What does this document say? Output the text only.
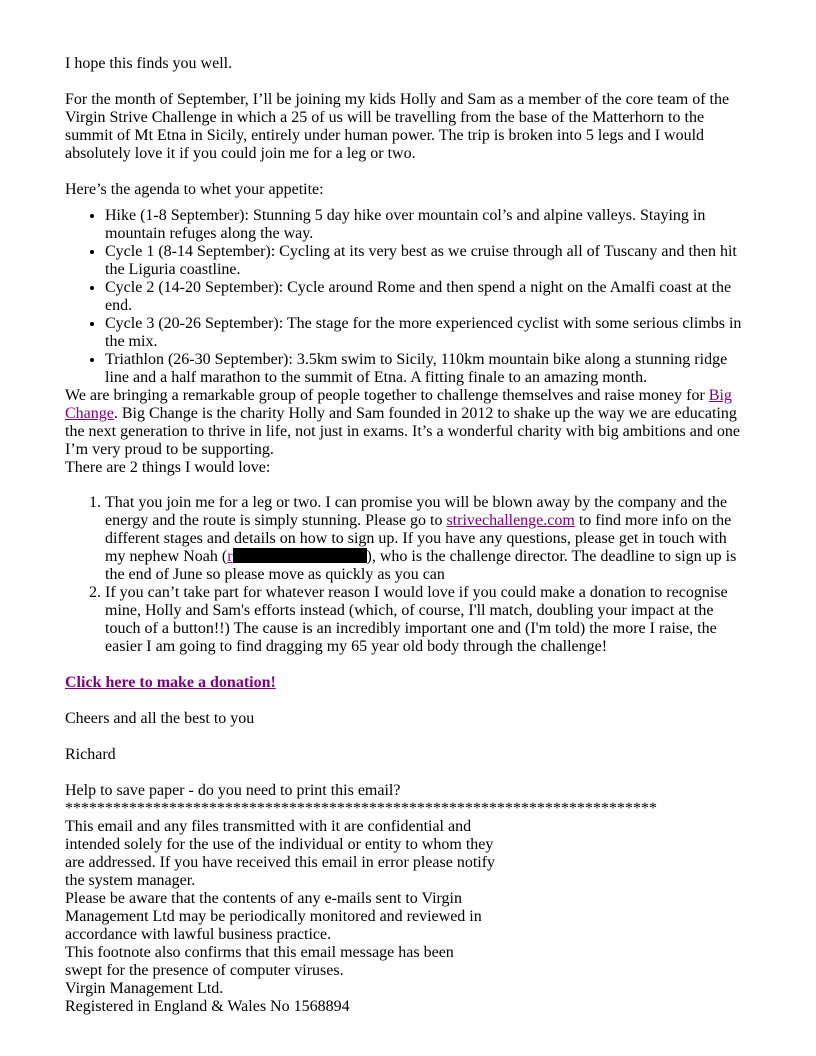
I hope this finds you well.

For the month of September, I’ll be joining my kids Holly and Sam as a member of the core team of the Virgin Strive Challenge in which a 25 of us will be travelling from the base of the Matterhorn to the summit of Mt Etna in Sicily, entirely under human power. The trip is broken into 5 legs and I would absolutely love it if you could join me for a leg or two.

Here’s the agenda to whet your appetite:

• Hike (1-8 September): Stunning 5 day hike over mountain col’s and alpine valleys. Staying in mountain refuges along the way.
• Cycle 1 (8-14 September): Cycling at its very best as we cruise through all of Tuscany and then hit the Liguria coastline.
• Cycle 2 (14-20 September): Cycle around Rome and then spend a night on the Amalfi coast at the end.
• Cycle 3 (20-26 September): The stage for the more experienced cyclist with some serious climbs in the mix.
• Triathlon (26-30 September): 3.5km swim to Sicily, 110km mountain bike along a stunning ridge line and a half marathon to the summit of Etna. A fitting finale to an amazing month.

We are bringing a remarkable group of people together to challenge themselves and raise money for Big Change. Big Change is the charity Holly and Sam founded in 2012 to shake up the way we are educating the next generation to thrive in life, not just in exams. It’s a wonderful charity with big ambitions and one I’m very proud to be supporting.

There are 2 things I would love:

1. That you join me for a leg or two. I can promise you will be blown away by the company and the energy and the route is simply stunning. Please go to strivechallenge.com to find more info on the different stages and details on how to sign up. If you have any questions, please get in touch with my nephew Noah (r	), who is the challenge director. The deadline to sign up is the end of June so please move as quickly as you can
2. If you can’t take part for whatever reason I would love if you could make a donation to recognise mine, Holly and Sam's efforts instead (which, of course, I'll match, doubling your impact at the touch of a button!!) The cause is an incredibly important one and (I'm told) the more I raise, the easier I am going to find dragging my 65 year old body through the challenge!

Click here to make a donation!

Cheers and all the best to you

Richard

Help to save paper - do you need to print this email?

**************************************************************************

This email and any files transmitted with it are confidential and

intended solely for the use of the individual or entity to whom they

are addressed. If you have received this email in error please notify

the system manager.

Please be aware that the contents of any e-mails sent to Virgin

Management Ltd may be periodically monitored and reviewed in

accordance with lawful business practice.

This footnote also confirms that this email message has been

swept for the presence of computer viruses.

Virgin Management Ltd.

Registered in England & Wales No 1568894
